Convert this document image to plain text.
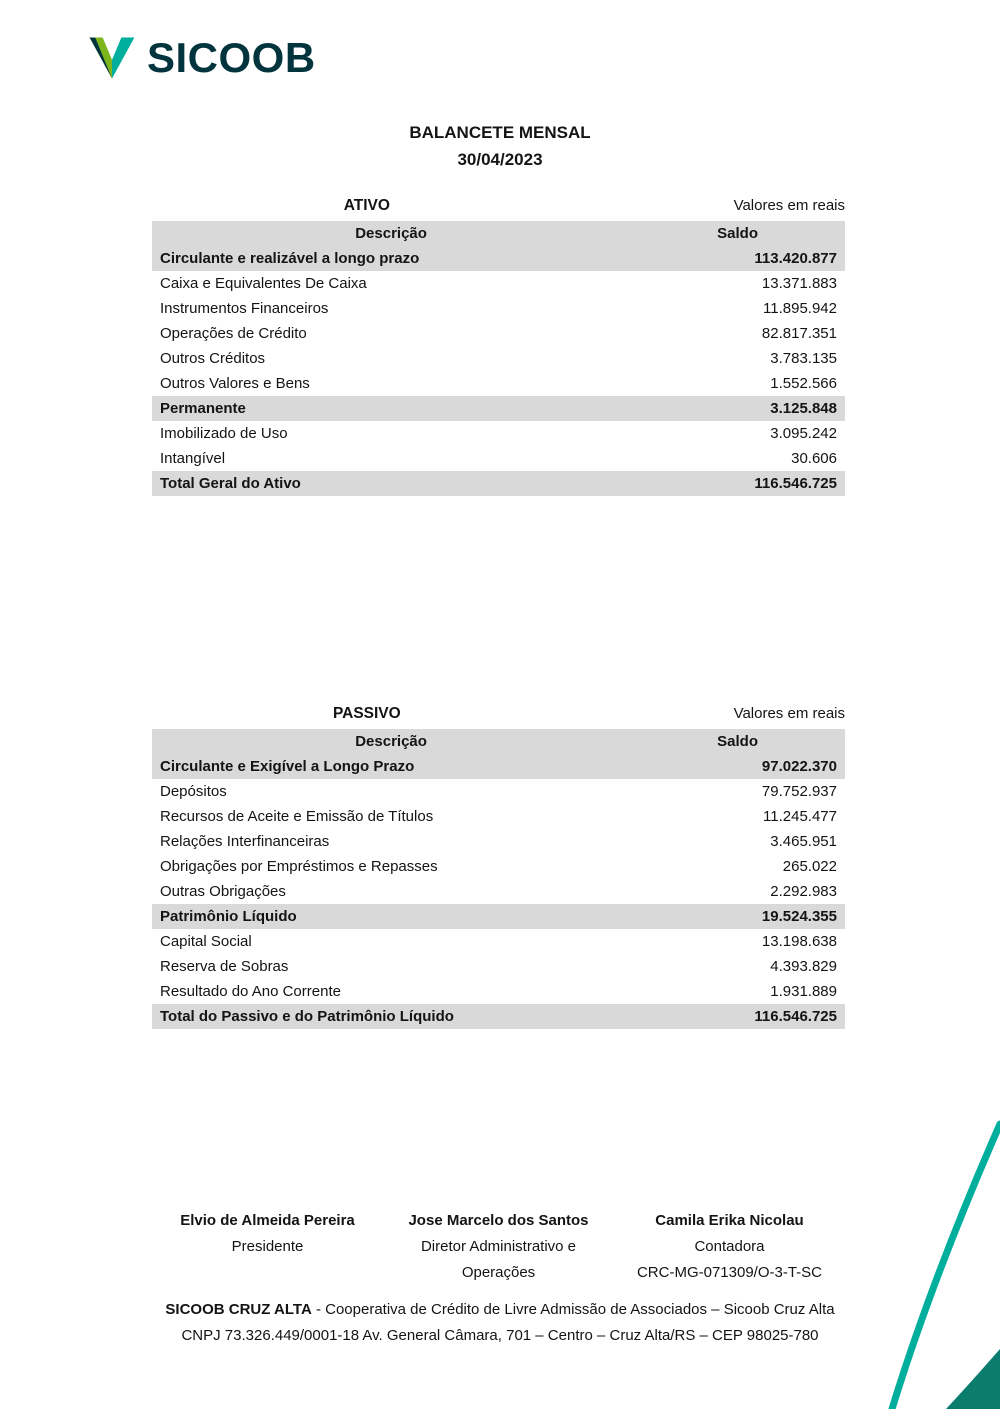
SICOOB
BALANCETE MENSAL
30/04/2023
ATIVO	Valores em reais
Descrição	Saldo
Circulante e realizável a longo prazo	113.420.877
Caixa e Equivalentes De Caixa	13.371.883
Instrumentos Financeiros	11.895.942
Operações de Crédito	82.817.351
Outros Créditos	3.783.135
Outros Valores e Bens	1.552.566
Permanente	3.125.848
Imobilizado de Uso	3.095.242
Intangível	30.606
Total Geral do Ativo	116.546.725
PASSIVO	Valores em reais
Descrição	Saldo
Circulante e Exigível a Longo Prazo	97.022.370
Depósitos	79.752.937
Recursos de Aceite e Emissão de Títulos	11.245.477
Relações Interfinanceiras	3.465.951
Obrigações por Empréstimos e Repasses	265.022
Outras Obrigações	2.292.983
Patrimônio Líquido	19.524.355
Capital Social	13.198.638
Reserva de Sobras	4.393.829
Resultado do Ano Corrente	1.931.889
Total do Passivo e do Patrimônio Líquido	116.546.725
Elvio de Almeida Pereira
Presidente
Jose Marcelo dos Santos
Diretor Administrativo e
Operações
Camila Erika Nicolau
Contadora
CRC-MG-071309/O-3-T-SC
SICOOB CRUZ ALTA - Cooperativa de Crédito de Livre Admissão de Associados – Sicoob Cruz Alta
CNPJ 73.326.449/0001-18 Av. General Câmara, 701 – Centro – Cruz Alta/RS – CEP 98025-780
